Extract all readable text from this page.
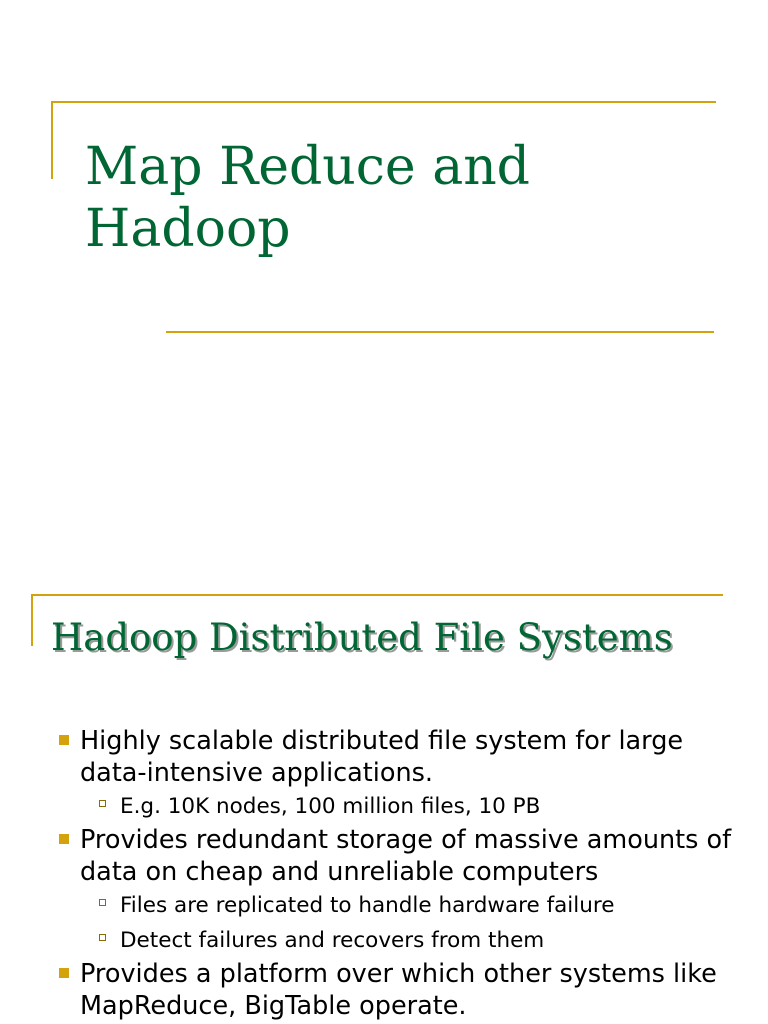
Map Reduce and Hadoop
Hadoop Distributed File Systems
Highly scalable distributed file system for large data-intensive applications.
E.g. 10K nodes, 100 million files, 10 PB
Provides redundant storage of massive amounts of data on cheap and unreliable computers
Files are replicated to handle hardware failure
Detect failures and recovers from them
Provides a platform over which other systems like MapReduce, BigTable operate.
